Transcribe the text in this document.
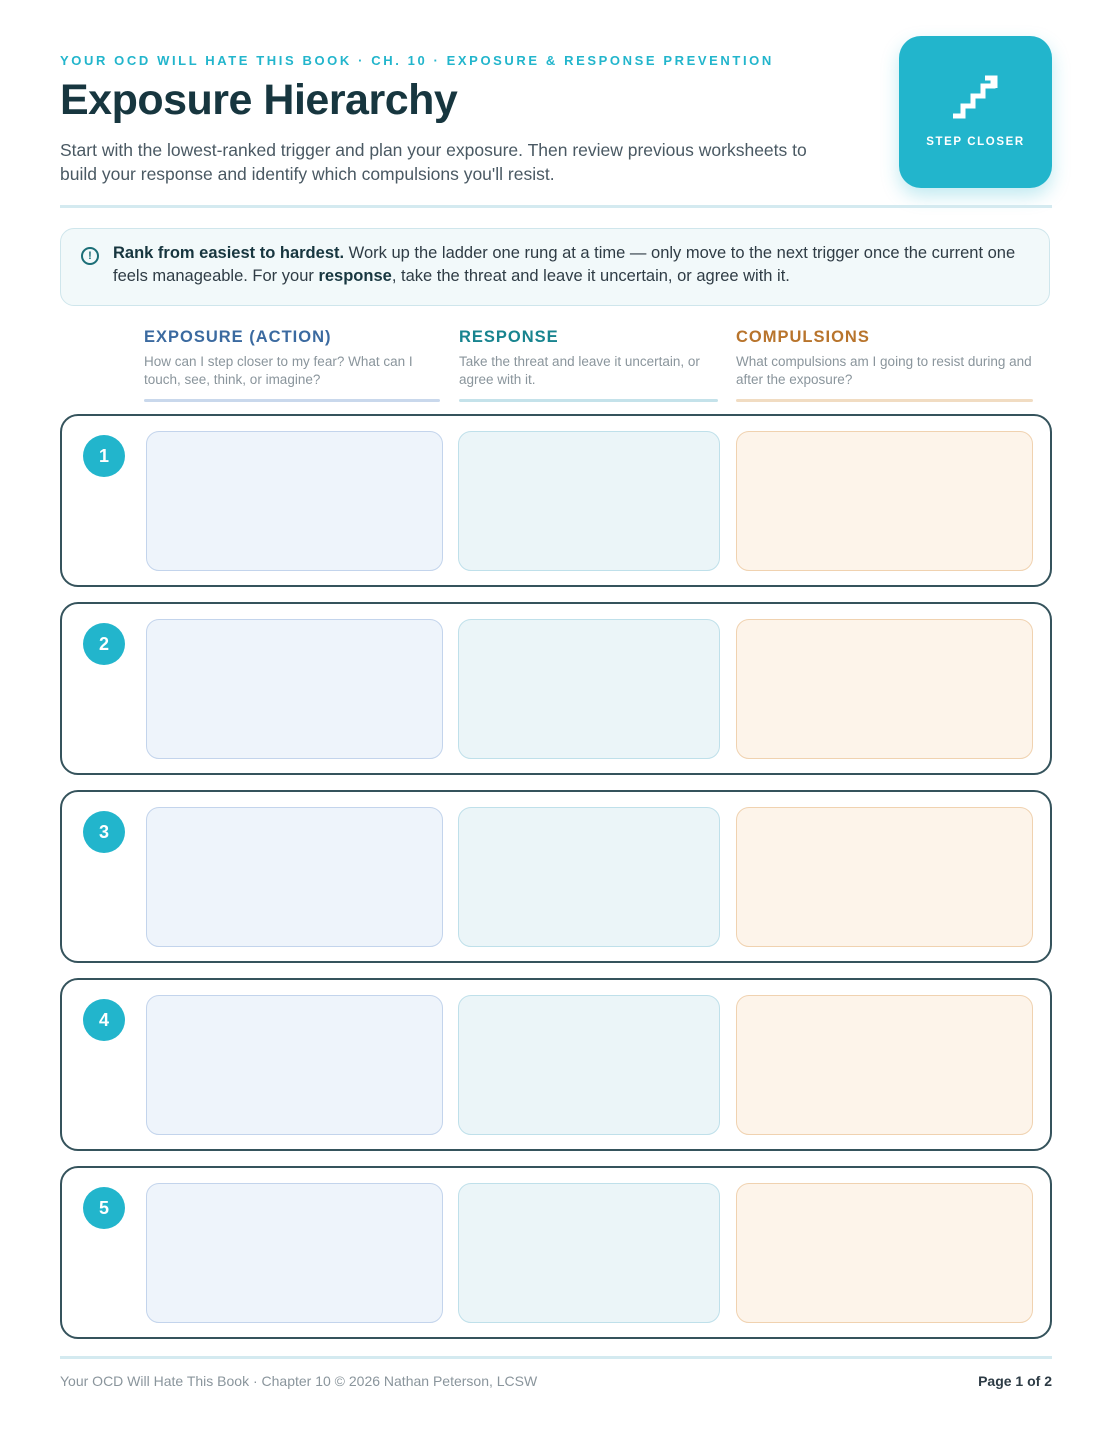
YOUR OCD WILL HATE THIS BOOK · CH. 10 · EXPOSURE & RESPONSE PREVENTION
Exposure Hierarchy
Start with the lowest-ranked trigger and plan your exposure. Then review previous worksheets to build your response and identify which compulsions you'll resist.
STEP CLOSER
!	Rank from easiest to hardest. Work up the ladder one rung at a time — only move to the next trigger once the current one feels manageable. For your response, take the threat and leave it uncertain, or agree with it.
EXPOSURE (ACTION)
How can I step closer to my fear? What can I touch, see, think, or imagine?
RESPONSE
Take the threat and leave it uncertain, or agree with it.
COMPULSIONS
What compulsions am I going to resist during and after the exposure?
1
2
3
4
5
Your OCD Will Hate This Book · Chapter 10 © 2026 Nathan Peterson, LCSW	Page 1 of 2
